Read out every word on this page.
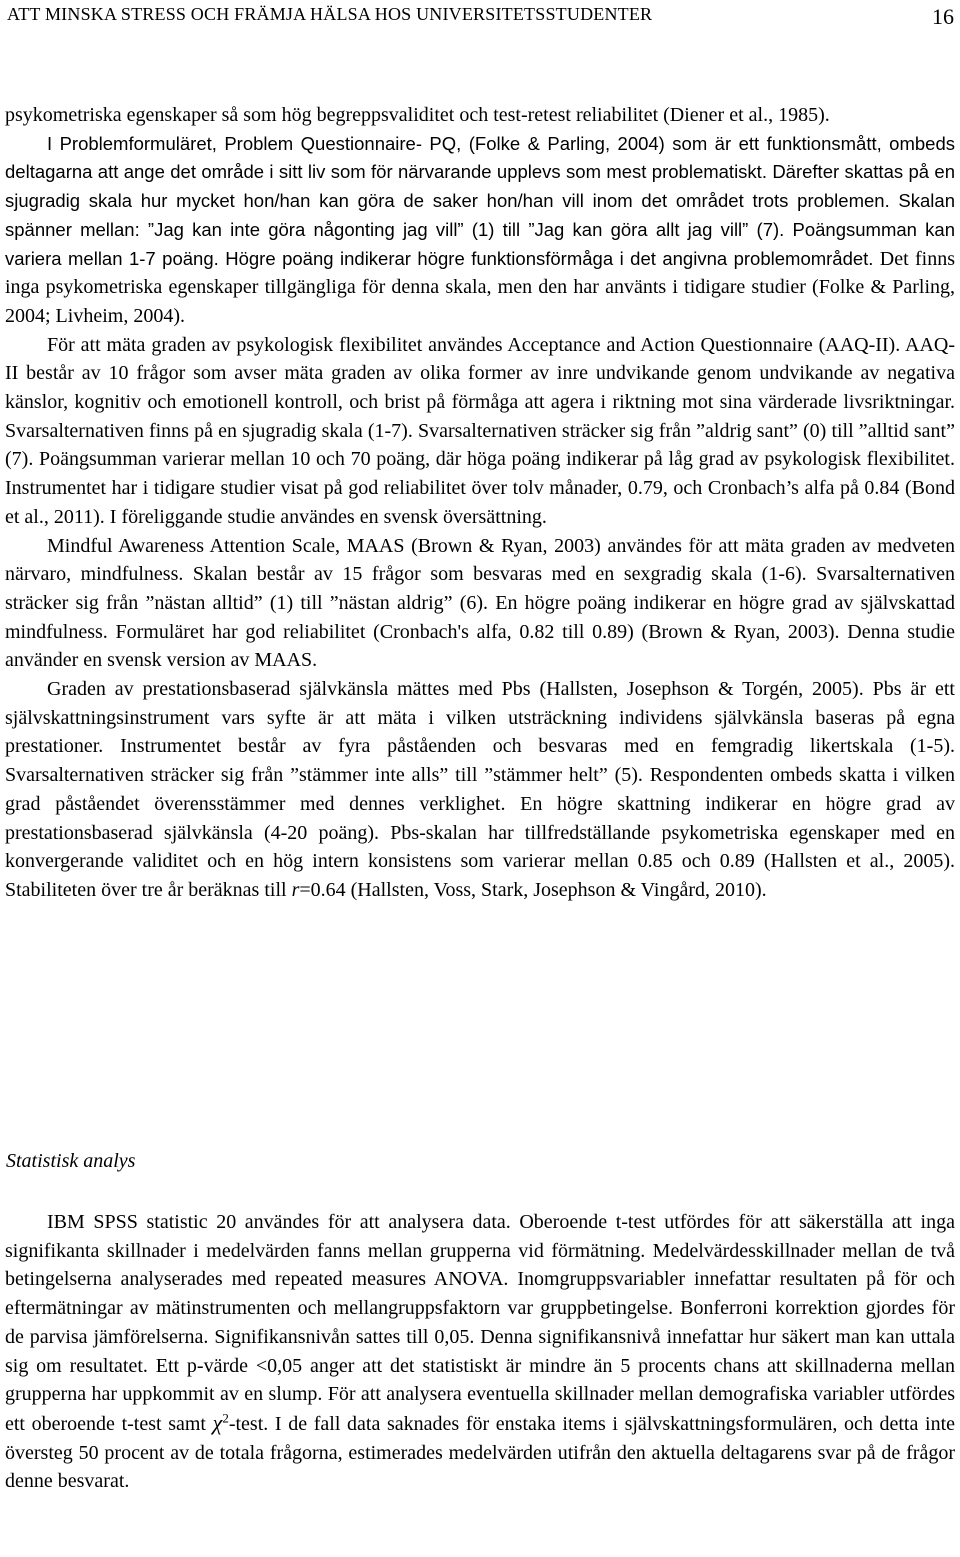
ATT MINSKA STRESS OCH FRÄMJA HÄLSA HOS UNIVERSITETSSTUDENTER	16

psykometriska egenskaper så som hög begreppsvaliditet och test-retest reliabilitet (Diener et al., 1985).

I Problemformuläret, Problem Questionnaire- PQ, (Folke & Parling, 2004) som är ett funktionsmått, ombeds deltagarna att ange det område i sitt liv som för närvarande upplevs som mest problematiskt. Därefter skattas på en sjugradig skala hur mycket hon/han kan göra de saker hon/han vill inom det området trots problemen. Skalan spänner mellan: ”Jag kan inte göra någonting jag vill” (1) till ”Jag kan göra allt jag vill” (7). Poängsumman kan variera mellan 1-7 poäng. Högre poäng indikerar högre funktionsförmåga i det angivna problemområdet. Det finns inga psykometriska egenskaper tillgängliga för denna skala, men den har använts i tidigare studier (Folke & Parling, 2004; Livheim, 2004).

För att mäta graden av psykologisk flexibilitet användes Acceptance and Action Questionnaire (AAQ-II). AAQ-II består av 10 frågor som avser mäta graden av olika former av inre undvikande genom undvikande av negativa känslor, kognitiv och emotionell kontroll, och brist på förmåga att agera i riktning mot sina värderade livsriktningar. Svarsalternativen finns på en sjugradig skala (1-7). Svarsalternativen sträcker sig från ”aldrig sant” (0) till ”alltid sant” (7). Poängsumman varierar mellan 10 och 70 poäng, där höga poäng indikerar på låg grad av psykologisk flexibilitet. Instrumentet har i tidigare studier visat på god reliabilitet över tolv månader, 0.79, och Cronbach’s alfa på 0.84 (Bond et al., 2011). I föreliggande studie användes en svensk översättning.

Mindful Awareness Attention Scale, MAAS (Brown & Ryan, 2003) användes för att mäta graden av medveten närvaro, mindfulness. Skalan består av 15 frågor som besvaras med en sexgradig skala (1-6). Svarsalternativen sträcker sig från ”nästan alltid” (1) till ”nästan aldrig” (6). En högre poäng indikerar en högre grad av självskattad mindfulness. Formuläret har god reliabilitet (Cronbach's alfa, 0.82 till 0.89) (Brown & Ryan, 2003). Denna studie använder en svensk version av MAAS.

Graden av prestationsbaserad självkänsla mättes med Pbs (Hallsten, Josephson & Torgén, 2005). Pbs är ett självskattningsinstrument vars syfte är att mäta i vilken utsträckning individens självkänsla baseras på egna prestationer. Instrumentet består av fyra påståenden och besvaras med en femgradig likertskala (1-5). Svarsalternativen sträcker sig från ”stämmer inte alls” till ”stämmer helt” (5). Respondenten ombeds skatta i vilken grad påståendet överensstämmer med dennes verklighet. En högre skattning indikerar en högre grad av prestationsbaserad självkänsla (4-20 poäng). Pbs-skalan har tillfredställande psykometriska egenskaper med en konvergerande validitet och en hög intern konsistens som varierar mellan 0.85 och 0.89 (Hallsten et al., 2005). Stabiliteten över tre år beräknas till r=0.64 (Hallsten, Voss, Stark, Josephson & Vingård, 2010).

Statistisk analys

IBM SPSS statistic 20 användes för att analysera data. Oberoende t-test utfördes för att säkerställa att inga signifikanta skillnader i medelvärden fanns mellan grupperna vid förmätning. Medelvärdesskillnader mellan de två betingelserna analyserades med repeated measures ANOVA. Inomgruppsvariabler innefattar resultaten på för och eftermätningar av mätinstrumenten och mellangruppsfaktorn var gruppbetingelse. Bonferroni korrektion gjordes för de parvisa jämförelserna. Signifikansnivån sattes till 0,05. Denna signifikansnivå innefattar hur säkert man kan uttala sig om resultatet. Ett p-värde <0,05 anger att det statistiskt är mindre än 5 procents chans att skillnaderna mellan grupperna har uppkommit av en slump. För att analysera eventuella skillnader mellan demografiska variabler utfördes ett oberoende t-test samt $\chi^2$-test. I de fall data saknades för enstaka items i självskattningsformulären, och detta inte översteg 50 procent av de totala frågorna, estimerades medelvärden utifrån den aktuella deltagarens svar på de frågor denne besvarat.
